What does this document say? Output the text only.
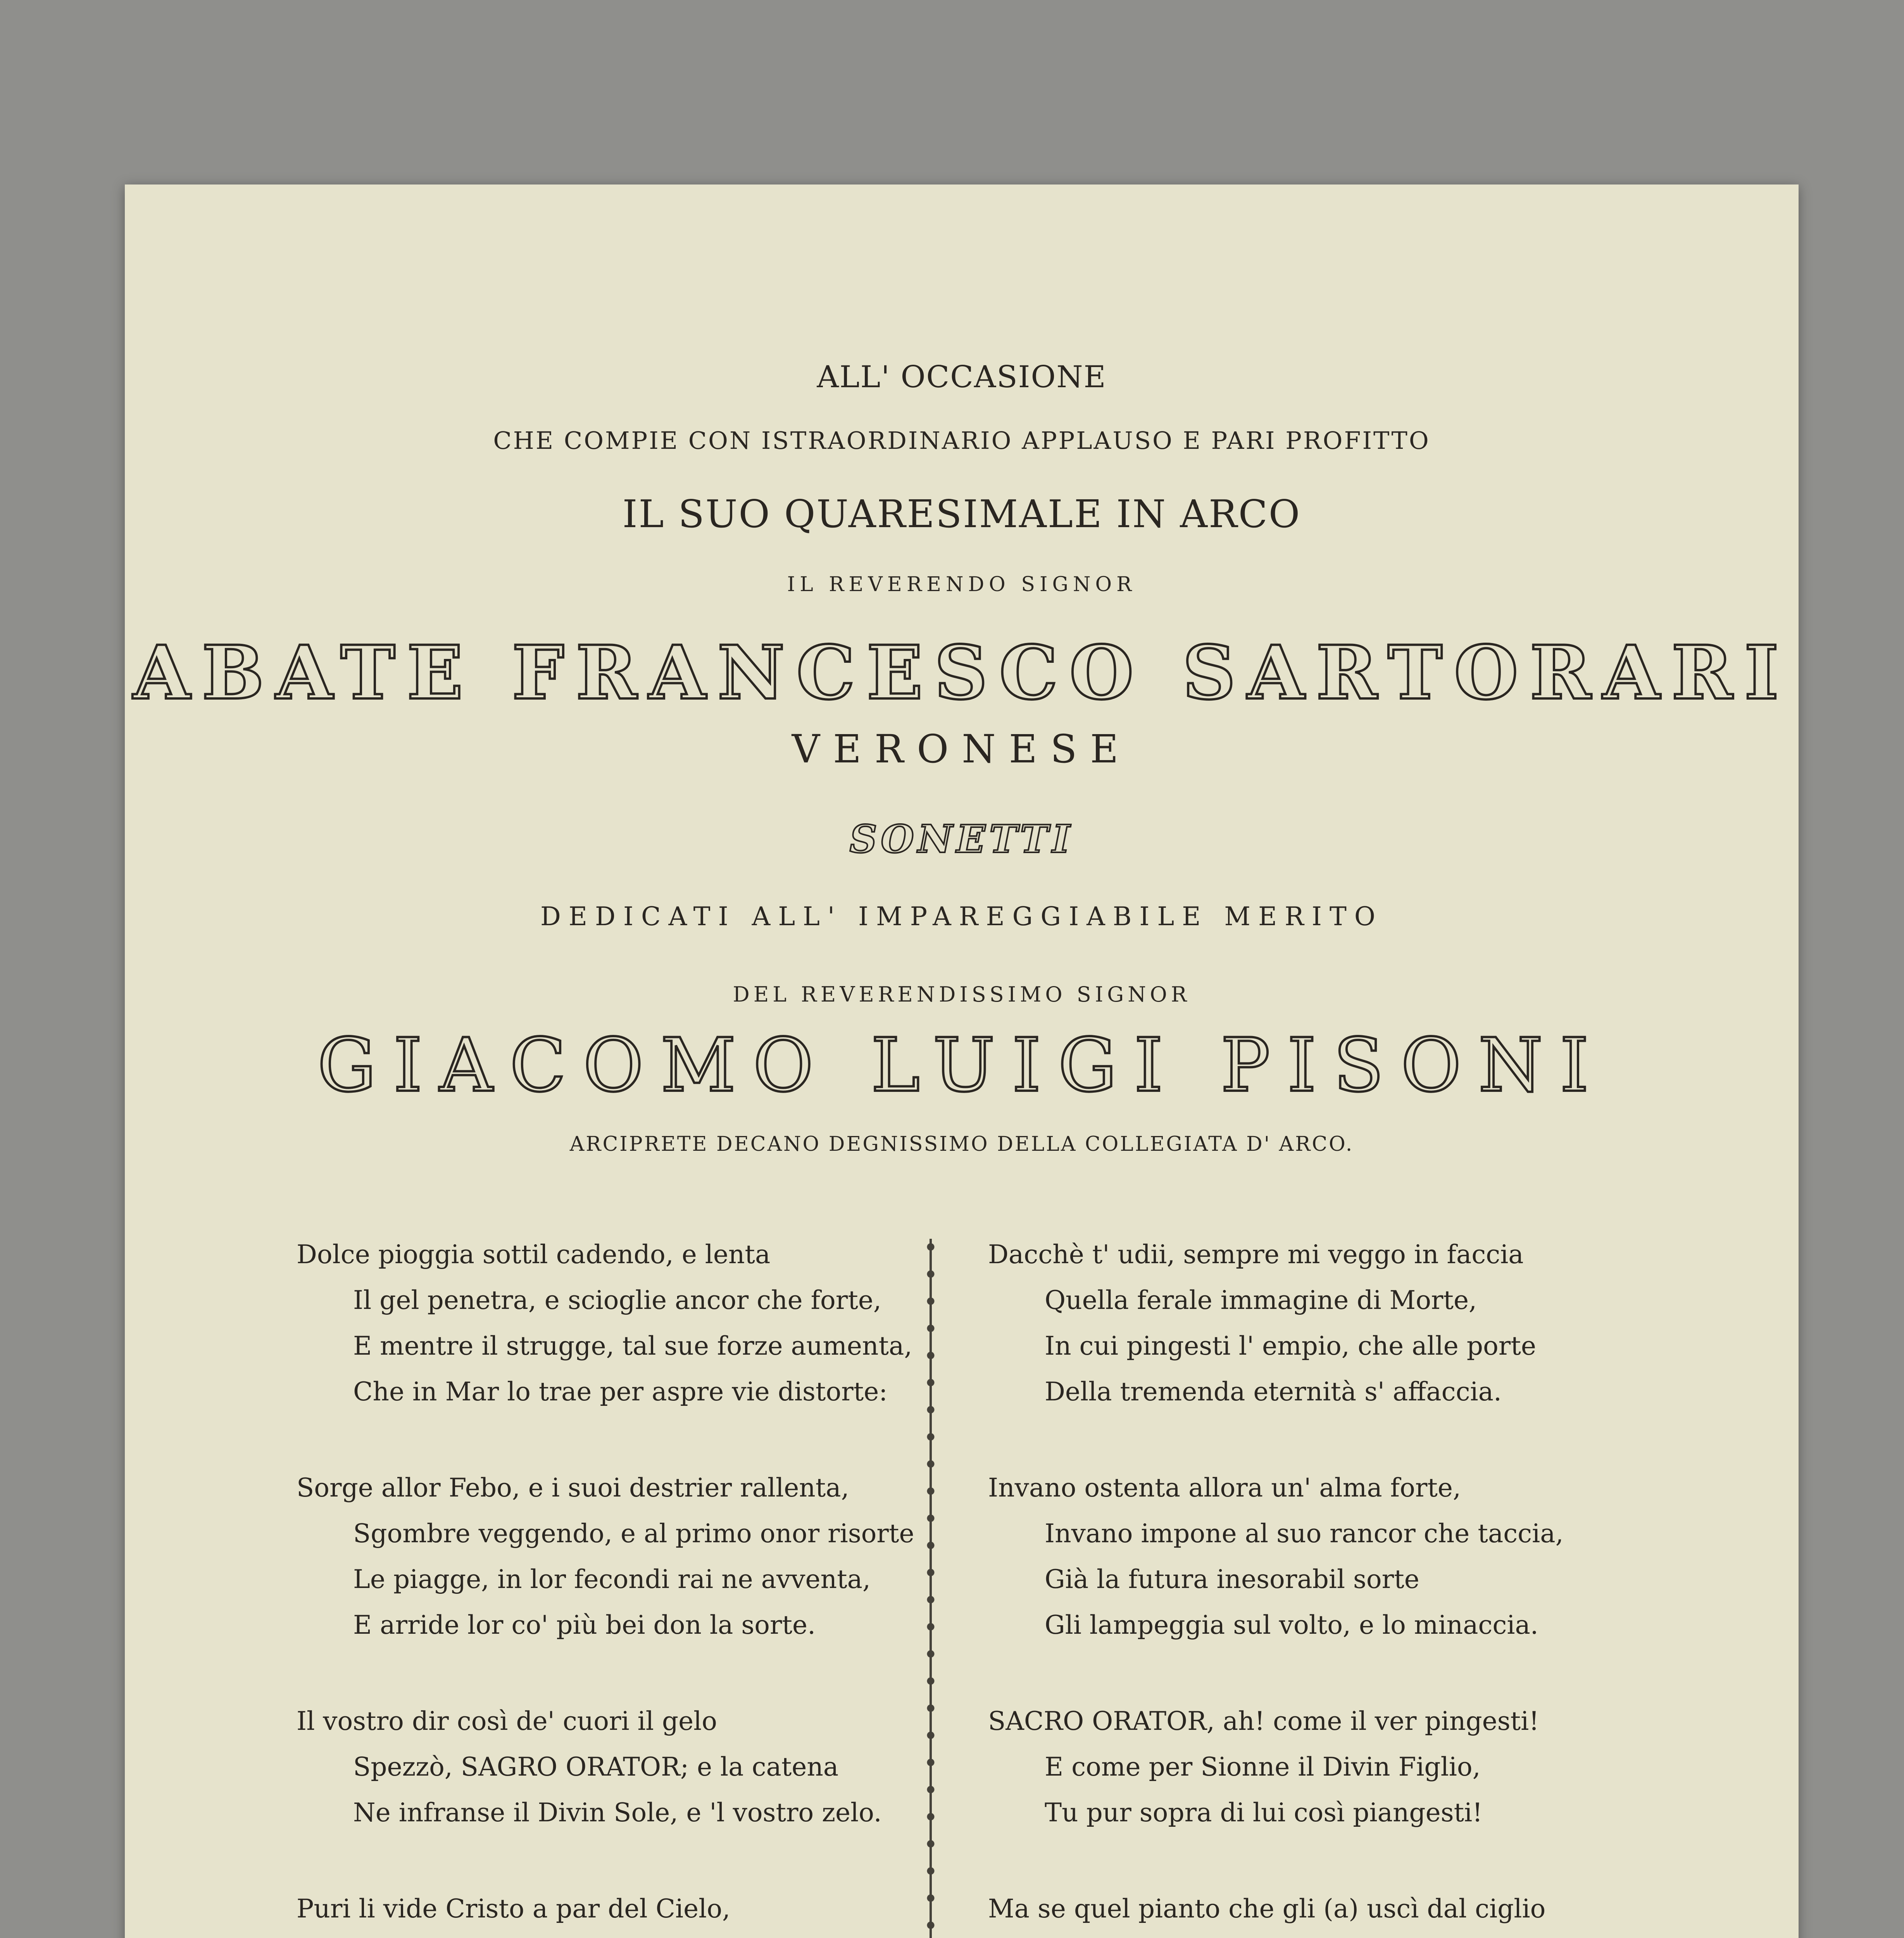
ALL' OCCASIONE
CHE COMPIE CON ISTRAORDINARIO APPLAUSO E PARI PROFITTO
IL SUO QUARESIMALE IN ARCO
IL REVERENDO SIGNOR
ABATE FRANCESCO SARTORARI
VERONESE
SONETTI
DEDICATI ALL' IMPAREGGIABILE MERITO
DEL REVERENDISSIMO SIGNOR
GIACOMO LUIGI PISONI
ARCIPRETE DECANO DEGNISSIMO DELLA COLLEGIATA D' ARCO.
Dolce pioggia sottil cadendo, e lenta
Il gel penetra, e scioglie ancor che forte,
E mentre il strugge, tal sue forze aumenta,
Che in Mar lo trae per aspre vie distorte:
Sorge allor Febo, e i suoi destrier rallenta,
Sgombre veggendo, e al primo onor risorte
Le piagge, in lor fecondi rai ne avventa,
E arride lor co' più bei don la sorte.
Il vostro dir così de' cuori il gelo
Spezzò, SAGRO ORATOR; e la catena
Ne infranse il Divin Sole, e 'l vostro zelo.
Puri li vide Cristo a par del Cielo,
Dacchè t' udii, sempre mi veggo in faccia
Quella ferale immagine di Morte,
In cui pingesti l' empio, che alle porte
Della tremenda eternità s' affaccia.
Invano ostenta allora un' alma forte,
Invano impone al suo rancor che taccia,
Già la futura inesorabil sorte
Gli lampeggia sul volto, e lo minaccia.
SACRO ORATOR, ah! come il ver pingesti!
E come per Sionne il Divin Figlio,
Tu pur sopra di lui così piangesti!
Ma se quel pianto che gli (a) uscì dal ciglio
